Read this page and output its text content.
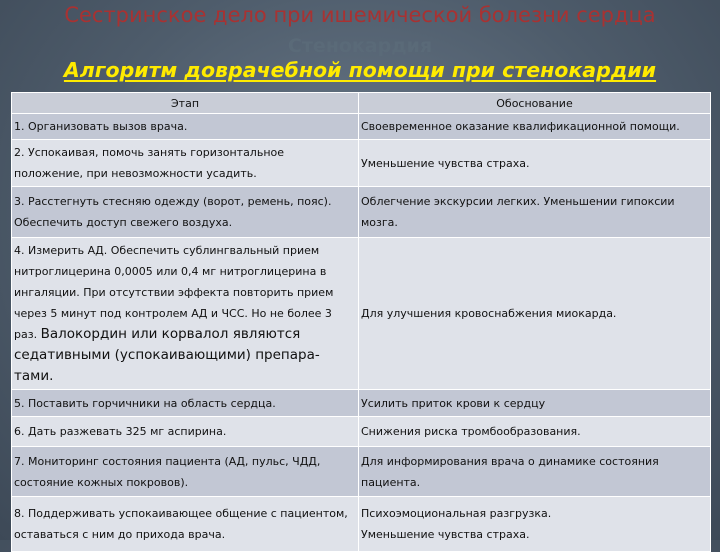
Сестринское дело при ишемической болезни сердца
Стенокардия
Алгоритм доврачебной помощи при стенокардии
Этап	Обоснование
1. Организовать вызов врача.	Своевременное оказание квалификационной помощи.
2. Успокаивая, помочь занять горизонтальное положение, при невозможности усадить.	Уменьшение чувства страха.
3. Расстегнуть стесняю одежду (ворот, ремень, пояс). Обеспечить доступ свежего воздуха.	Облегчение экскурсии легких. Уменьшении гипоксии мозга.
4. Измерить АД. Обеспечить сублингвальный прием нитроглицерина 0,0005 или 0,4 мг нитроглицерина в ингаляции. При отсутствии эффекта повторить прием через 5 минут под контролем АД и ЧСС. Но не более 3 раз. Валокордин или корвалол являются седативными (успокаивающими) препара-тами.	Для улучшения кровоснабжения миокарда.
5. Поставить горчичники на область сердца.	Усилить приток крови к сердцу
6. Дать разжевать 325 мг аспирина.	Снижения риска тромбообразования.
7. Мониторинг состояния пациента (АД, пульс, ЧДД, состояние кожных покровов).	Для информирования врача о динамике состояния пациента.
8. Поддерживать успокаивающее общение с пациентом, оставаться с ним до прихода врача.	Психоэмоциональная разгрузка.
Уменьшение чувства страха.
